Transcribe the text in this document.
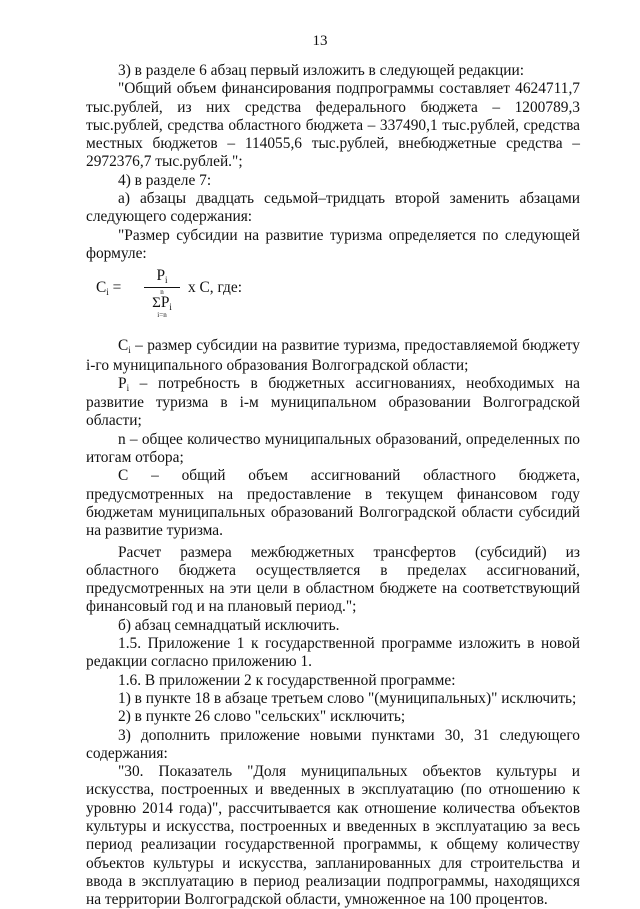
13

3) в разделе 6 абзац первый изложить в следующей редакции:

"Общий объем финансирования подпрограммы составляет 4624711,7 тыс.рублей, из них средства федерального бюджета – 1200789,3 тыс.рублей, средства областного бюджета – 337490,1 тыс.рублей, средства местных бюджетов – 114055,6 тыс.рублей, внебюджетные средства – 2972376,7 тыс.рублей.";

4) в разделе 7:

а) абзацы двадцать седьмой–тридцать второй заменить абзацами следующего содержания:

"Размер субсидии на развитие туризма определяется по следующей формуле:

Ci =
Pi
n
ΣPi
i=n
x C, где:

Ci – размер субсидии на развитие туризма, предоставляемой бюджету i-го муниципального образования Волгоградской области;

Pi – потребность в бюджетных ассигнованиях, необходимых на развитие туризма в i-м муниципальном образовании Волгоградской области;

n – общее количество муниципальных образований, определенных по итогам отбора;

C – общий объем ассигнований областного бюджета, предусмотренных на предоставление в текущем финансовом году бюджетам муниципальных образований Волгоградской области субсидий на развитие туризма.

Расчет размера межбюджетных трансфертов (субсидий) из областного бюджета осуществляется в пределах ассигнований, предусмотренных на эти цели в областном бюджете на соответствующий финансовый год и на плановый период.";

б) абзац семнадцатый исключить.

1.5. Приложение 1 к государственной программе изложить в новой редакции согласно приложению 1.

1.6. В приложении 2 к государственной программе:

1) в пункте 18 в абзаце третьем слово "(муниципальных)" исключить;

2) в пункте 26 слово "сельских" исключить;

3) дополнить приложение новыми пунктами 30, 31 следующего содержания:

"30. Показатель "Доля муниципальных объектов культуры и искусства, построенных и введенных в эксплуатацию (по отношению к уровню 2014 года)", рассчитывается как отношение количества объектов культуры и искусства, построенных и введенных в эксплуатацию за весь период реализации государственной программы, к общему количеству объектов культуры и искусства, запланированных для строительства и ввода в эксплуатацию в период реализации подпрограммы, находящихся на территории Волгоградской области, умноженное на 100 процентов.
